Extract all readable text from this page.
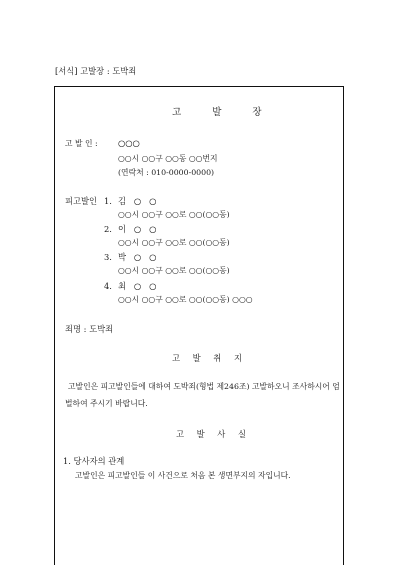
[서식] 고발장 : 도박죄
고 발 장
고 발 인 : ○○○
○○시 ○○구 ○○동 ○○번지
(연락처 : 010-0000-0000)
피고발인 1. 김   ○   ○
○○시 ○○구 ○○로 ○○(○○동)
2. 이   ○   ○
○○시 ○○구 ○○로 ○○(○○동)
3. 박   ○   ○
○○시 ○○구 ○○로 ○○(○○동)
4. 최   ○   ○
○○시 ○○구 ○○로 ○○(○○동) ○○○
죄명 : 도박죄
고 발 취 지
고발인은 피고발인들에 대하여 도박죄(형법 제246조) 고발하오니 조사하시어 엄
벌하여 주시기 바랍니다.
고 발 사 실
1. 당사자의 관계
고발인은 피고발인들 이 사건으로 처음 본 생면부지의 자입니다.
